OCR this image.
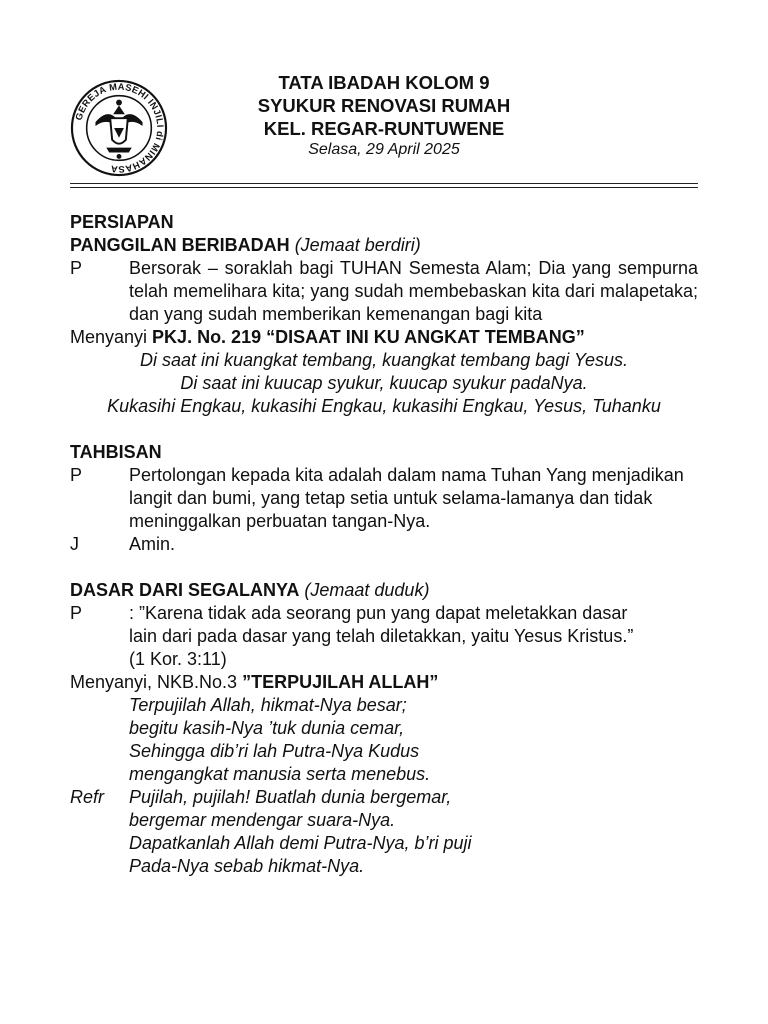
GEREJA MASEHI INJILI di MINAHASA
TATA IBADAH KOLOM 9
SYUKUR RENOVASI RUMAH
KEL. REGAR-RUNTUWENE
Selasa, 29 April 2025
PERSIAPAN
PANGGILAN BERIBADAH (Jemaat berdiri)
P	Bersorak – soraklah bagi TUHAN Semesta Alam; Dia yang sempurna telah memelihara kita; yang sudah membebaskan kita dari malapetaka; dan yang sudah memberikan kemenangan bagi kita
Menyanyi PKJ. No. 219 “DISAAT INI KU ANGKAT TEMBANG”
Di saat ini kuangkat tembang, kuangkat tembang bagi Yesus.
Di saat ini kuucap syukur, kuucap syukur padaNya.
Kukasihi Engkau, kukasihi Engkau, kukasihi Engkau, Yesus, Tuhanku
TAHBISAN
P	Pertolongan kepada kita adalah dalam nama Tuhan Yang menjadikan langit dan bumi, yang tetap setia untuk selama-lamanya dan tidak meninggalkan perbuatan tangan-Nya.
J	Amin.
DASAR DARI SEGALANYA (Jemaat duduk)
P	: ”Karena tidak ada seorang pun yang dapat meletakkan dasar
lain dari pada dasar yang telah diletakkan, yaitu Yesus Kristus.”
(1 Kor. 3:11)
Menyanyi, NKB.No.3 ”TERPUJILAH ALLAH”
Terpujilah Allah, hikmat-Nya besar;
begitu kasih-Nya ’tuk dunia cemar,
Sehingga dib’ri lah Putra-Nya Kudus
mengangkat manusia serta menebus.
Refr	Pujilah, pujilah! Buatlah dunia bergemar,
bergemar mendengar suara-Nya.
Dapatkanlah Allah demi Putra-Nya, b’ri puji
Pada-Nya sebab hikmat-Nya.
